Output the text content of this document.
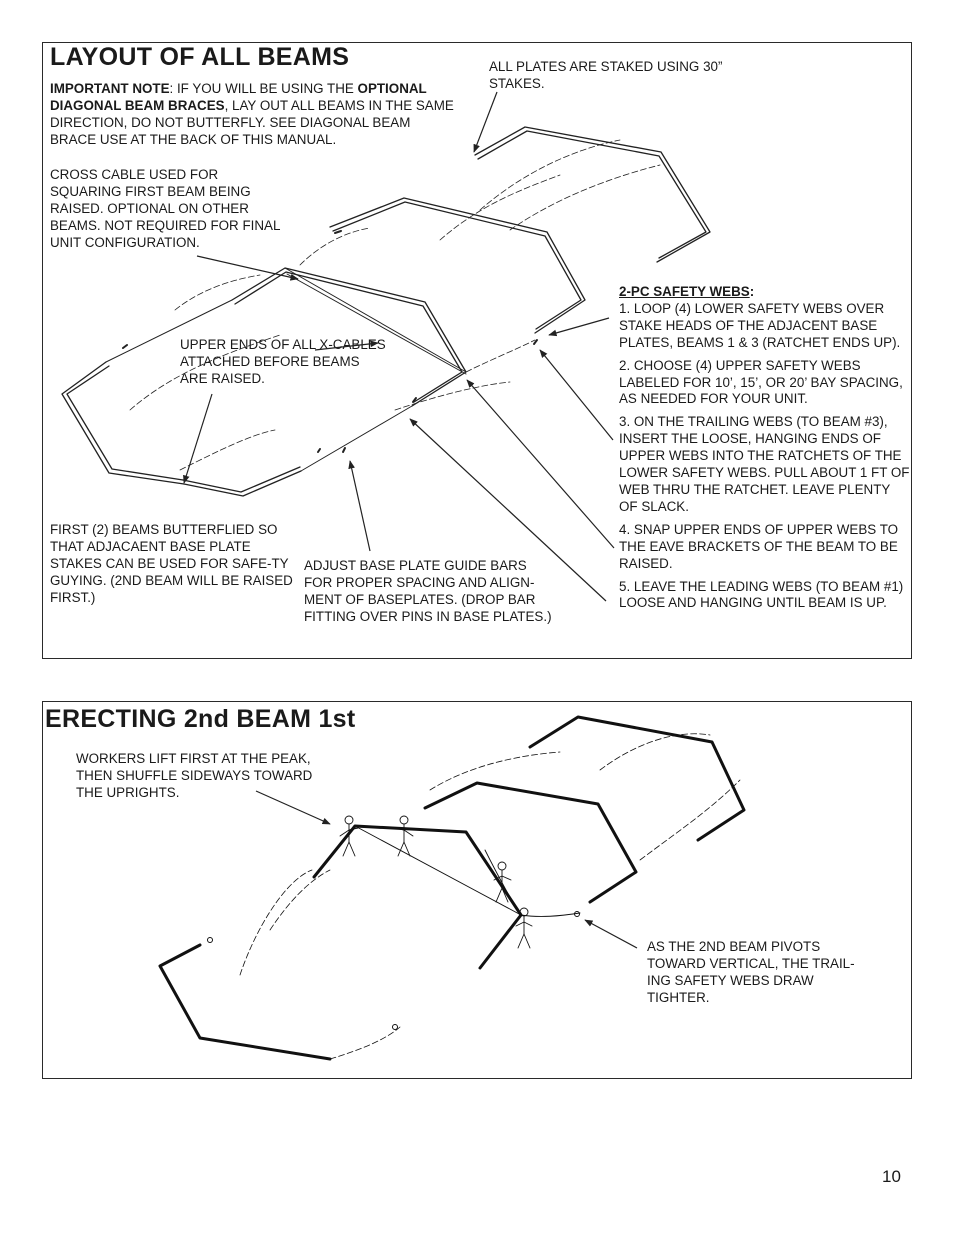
LAYOUT OF ALL BEAMS
IMPORTANT NOTE: IF YOU WILL BE USING THE OPTIONAL DIAGONAL BEAM BRACES, LAY OUT ALL BEAMS IN THE SAME DIRECTION, DO NOT BUTTERFLY. SEE DIAGONAL BEAM BRACE USE AT THE BACK OF THIS MANUAL.
ALL PLATES ARE STAKED USING 30” STAKES.
CROSS CABLE USED FOR SQUARING FIRST BEAM BEING RAISED. OPTIONAL ON OTHER BEAMS. NOT REQUIRED FOR FINAL UNIT CONFIGURATION.
UPPER ENDS OF ALL X-CABLES ATTACHED BEFORE BEAMS ARE RAISED.
FIRST (2) BEAMS BUTTERFLIED SO THAT ADJACAENT BASE PLATE STAKES CAN BE USED FOR SAFE-TY GUYING. (2ND BEAM WILL BE RAISED FIRST.)
ADJUST BASE PLATE GUIDE BARS FOR PROPER SPACING AND ALIGN-MENT OF BASEPLATES. (DROP BAR FITTING OVER PINS IN BASE PLATES.)
2-PC SAFETY WEBS:
1. LOOP (4) LOWER SAFETY WEBS OVER STAKE HEADS OF THE ADJACENT BASE PLATES, BEAMS 1 & 3 (RATCHET ENDS UP).
2. CHOOSE (4) UPPER SAFETY WEBS LABELED FOR 10’, 15’, OR 20’ BAY SPACING, AS NEEDED FOR YOUR UNIT.
3. ON THE TRAILING WEBS (TO BEAM #3), INSERT THE LOOSE, HANGING ENDS OF UPPER WEBS INTO THE RATCHETS OF THE LOWER SAFETY WEBS. PULL ABOUT 1 FT OF WEB THRU THE RATCHET. LEAVE PLENTY OF SLACK.
4. SNAP UPPER ENDS OF UPPER WEBS TO THE EAVE BRACKETS OF THE BEAM TO BE RAISED.
5. LEAVE THE LEADING WEBS (TO BEAM #1) LOOSE AND HANGING UNTIL BEAM IS UP.
ERECTING 2nd BEAM 1st
WORKERS LIFT FIRST AT THE PEAK, THEN SHUFFLE SIDEWAYS TOWARD THE UPRIGHTS.
AS THE 2ND BEAM PIVOTS TOWARD VERTICAL, THE TRAIL-ING SAFETY WEBS DRAW TIGHTER.
10
